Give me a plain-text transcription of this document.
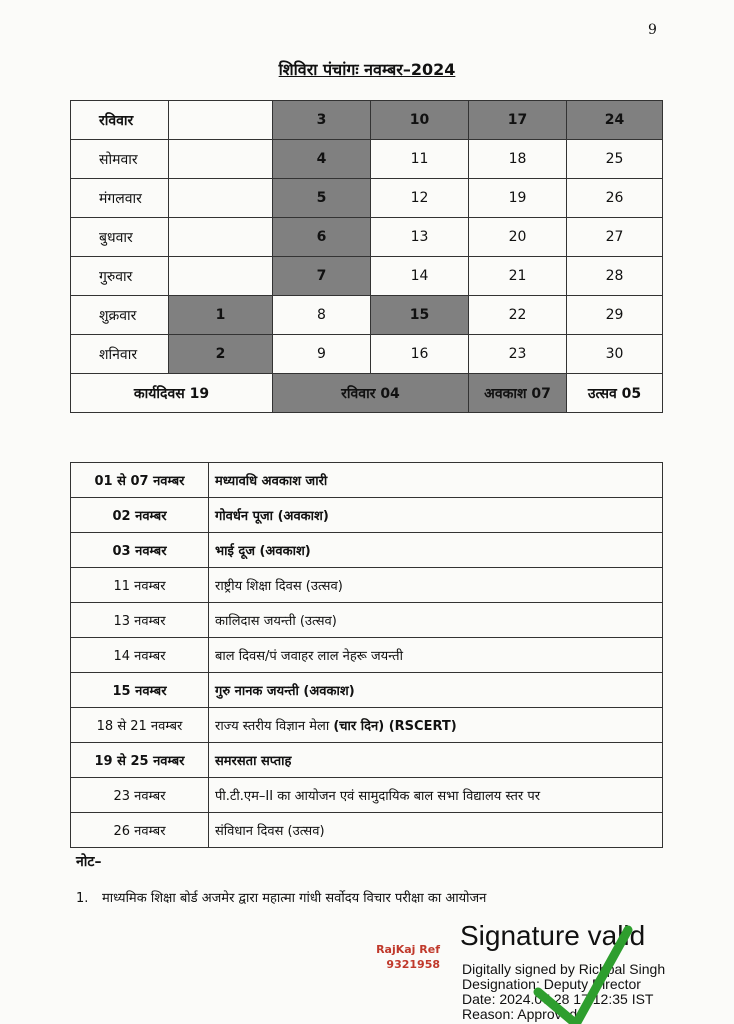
9
शिविरा पंचांगः नवम्बर–2024
रविवार		3	10	17	24
सोमवार		4	11	18	25
मंगलवार		5	12	19	26
बुधवार		6	13	20	27
गुरुवार		7	14	21	28
शुक्रवार	1	8	15	22	29
शनिवार	2	9	16	23	30
कार्यदिवस 19		रविवार 04		अवकाश 07	उत्सव 05
01 से 07 नवम्बर	मध्यावधि अवकाश जारी
02 नवम्बर	गोवर्धन पूजा (अवकाश)
03 नवम्बर	भाई दूज (अवकाश)
11 नवम्बर	राष्ट्रीय शिक्षा दिवस (उत्सव)
13 नवम्बर	कालिदास जयन्ती (उत्सव)
14 नवम्बर	बाल दिवस/पं जवाहर लाल नेहरू जयन्ती
15 नवम्बर	गुरु नानक जयन्ती (अवकाश)
18 से 21 नवम्बर	राज्य स्तरीय विज्ञान मेला (चार दिन) (RSCERT)
19 से 25 नवम्बर	समरसता सप्ताह
23 नवम्बर	पी.टी.एम–II का आयोजन एवं सामुदायिक बाल सभा विद्यालय स्तर पर
26 नवम्बर	संविधान दिवस (उत्सव)
नोट–
1. माध्यमिक शिक्षा बोर्ड अजमेर द्वारा महात्मा गांधी सर्वोदय विचार परीक्षा का आयोजन
RajKaj Ref
9321958
Signature valid
Digitally signed by Richpal Singh
Designation: Deputy Director
Date: 2024.07.28 17:12:35 IST
Reason: Approved
